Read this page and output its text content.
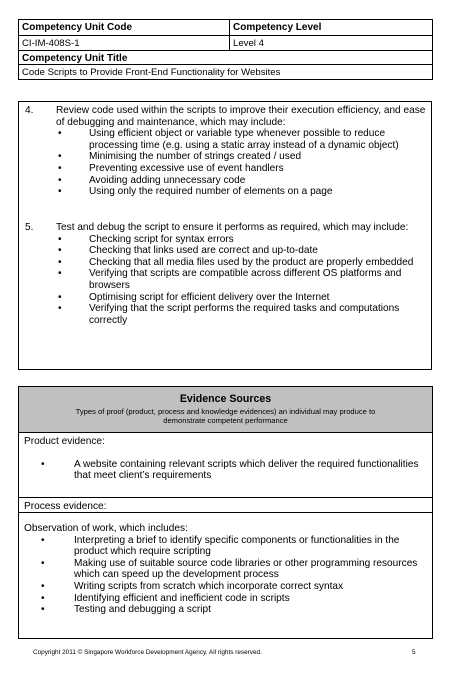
Competency Unit Code	Competency Level
CI-IM-408S-1	Level 4
Competency Unit Title	
Code Scripts to Provide Front-End Functionality for Websites	
4. Review code used within the scripts to improve their execution efficiency, and ease of debugging and maintenance, which may include:
•	Using efficient object or variable type whenever possible to reduce processing time (e.g. using a static array instead of a dynamic object)
•	Minimising the number of strings created / used
•	Preventing excessive use of event handlers
•	Avoiding adding unnecessary code
•	Using only the required number of elements on a page
5. Test and debug the script to ensure it performs as required, which may include:
•	Checking script for syntax errors
•	Checking that links used are correct and up-to-date
•	Checking that all media files used by the product are properly embedded
•	Verifying that scripts are compatible across different OS platforms and browsers
•	Optimising script for efficient delivery over the Internet
•	Verifying that the script performs the required tasks and computations correctly
Evidence Sources
Types of proof (product, process and knowledge evidences) an individual may produce to demonstrate competent performance
Product evidence:
•	A website containing relevant scripts which deliver the required functionalities that meet client’s requirements
Process evidence:
Observation of work, which includes:
•	Interpreting a brief to identify specific components or functionalities in the product which require scripting
•	Making use of suitable source code libraries or other programming resources which can speed up the development process
•	Writing scripts from scratch which incorporate correct syntax
•	Identifying efficient and inefficient code in scripts
•	Testing and debugging a script
Copyright 2011 © Singapore Workforce Development Agency. All rights reserved.	5
